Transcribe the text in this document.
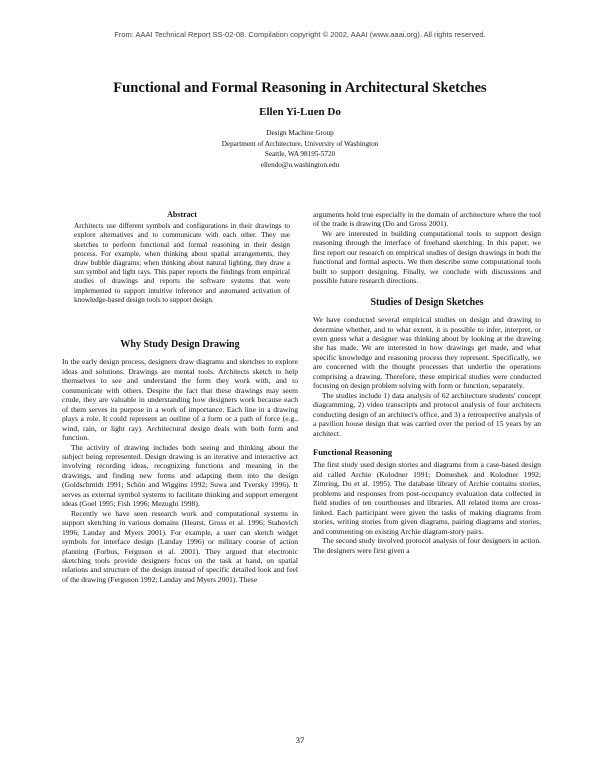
From: AAAI Technical Report SS-02-08. Compilation copyright © 2002, AAAI (www.aaai.org). All rights reserved.
Functional and Formal Reasoning in Architectural Sketches
Ellen Yi-Luen Do
Design Machine Group
Department of Architecture, University of Washington
Seattle, WA 98195-5720
ellendo@u.washington.edu
Abstract
Architects use different symbols and configurations in their drawings to explore alternatives and to communicate with each other. They use sketches to perform functional and formal reasoning in their design process. For example, when thinking about spatial arrangements, they draw bubble diagrams; when thinking about natural lighting, they draw a sun symbol and light rays. This paper reports the findings from empirical studies of drawings and reports the software systems that were implemented to support intuitive inference and automated activation of knowledge-based design tools to support design.
Why Study Design Drawing

In the early design process, designers draw diagrams and sketches to explore ideas and solutions. Drawings are mental tools. Architects sketch to help themselves to see and understand the form they work with, and to communicate with others. Despite the fact that these drawings may seem crude, they are valuable in understanding how designers work because each of them serves its purpose in a work of importance. Each line in a drawing plays a role. It could represent an outline of a form or a path of force (e.g., wind, rain, or light ray). Architectural design deals with both form and function.

The activity of drawing includes both seeing and thinking about the subject being represented. Design drawing is an iterative and interactive act involving recording ideas, recognizing functions and meaning in the drawings, and finding new forms and adapting them into the design (Goldschmidt 1991; Schön and Wiggins 1992; Suwa and Tversky 1996). It serves as external symbol systems to facilitate thinking and support emergent ideas (Goel 1995; Fish 1996; Mezughi 1998).

Recently we have seen research work and computational systems in support sketching in various domains (Hearst, Gross et al. 1996; Stahovich 1996; Landay and Myers 2001). For example, a user can sketch widget symbols for interface design (Landay 1996) or military course of action planning (Forbus, Ferguson et al. 2001). They argued that electronic sketching tools provide designers focus on the task at hand, on spatial relations and structure of the design instead of specific detailed look and feel of the drawing (Ferguson 1992; Landay and Myers 2001). These

arguments hold true especially in the domain of architecture where the tool of the trade is drawing (Do and Gross 2001).

We are interested in building computational tools to support design reasoning through the interface of freehand sketching. In this paper, we first report our research on empirical studies of design drawings in both the functional and formal aspects. We then describe some computational tools built to support designing. Finally, we conclude with discussions and possible future research directions.

Studies of Design Sketches

We have conducted several empirical studies on design and drawing to determine whether, and to what extent, it is possible to infer, interpret, or even guess what a designer was thinking about by looking at the drawing she has made. We are interested in how drawings get made, and what specific knowledge and reasoning process they represent. Specifically, we are concerned with the thought processes that underlie the operations comprising a drawing. Therefore, these empirical studies were conducted focusing on design problem solving with form or function, separately.

The studies include 1) data analysis of 62 architecture students' concept diagramming, 2) video transcripts and protocol analysis of four architects conducting design of an architect's office, and 3) a retrospective analysis of a pavilion house design that was carried over the period of 15 years by an architect.

Functional Reasoning

The first study used design stories and diagrams from a case-based design aid called Archie (Kolodner 1991; Domeshek and Kolodner 1992; Zimring, Do et al. 1995). The database library of Archie contains stories, problems and responses from post-occupancy evaluation data collected in field studies of ten courthouses and libraries. All related items are cross-linked. Each participant were given the tasks of making diagrams from stories, writing stories from given diagrams, pairing diagrams and stories, and commenting on existing Archie diagram-story pairs.

The second study involved protocol analysis of four designers in action. The designers were first given a

37
